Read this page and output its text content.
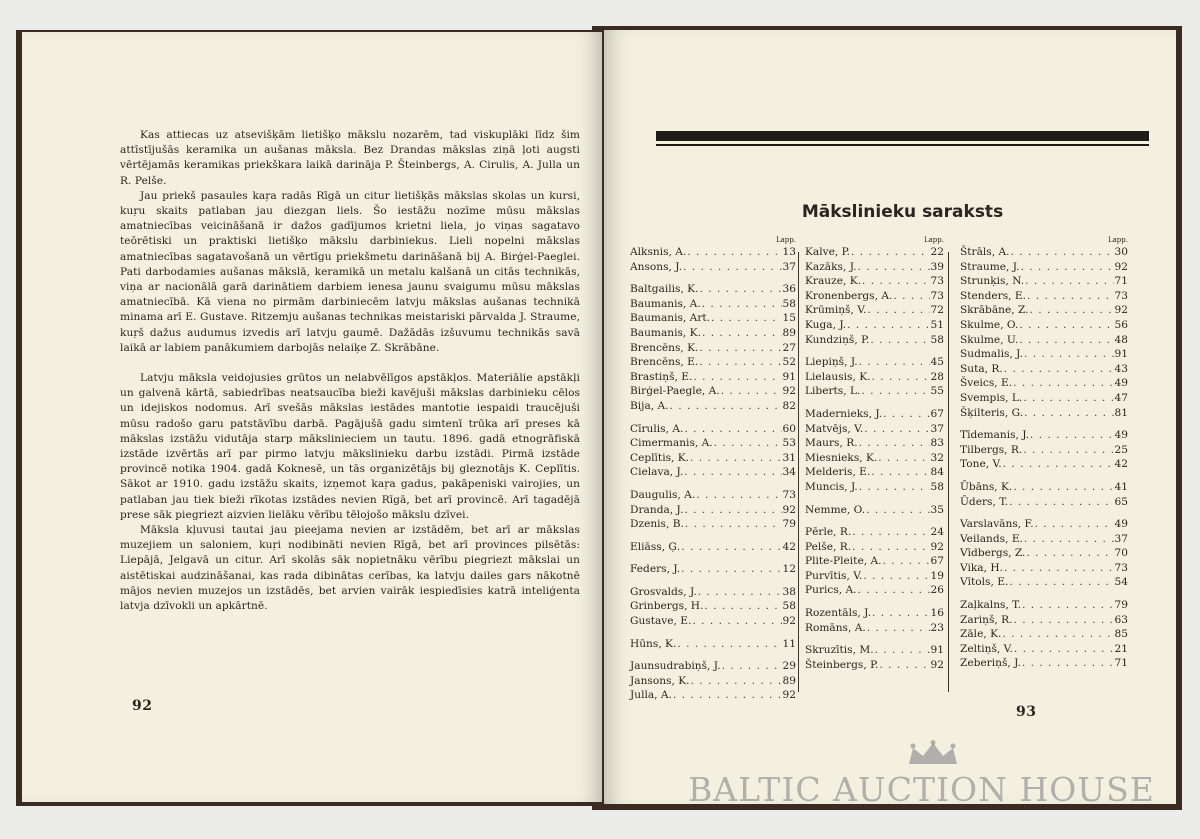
Kas attiecas uz atsevišķām lietišķo mākslu nozarēm, tad viskuplāki līdz šim attīstījušās keramika un aušanas māksla. Bez Drandas mākslas ziņā ļoti augsti vērtējamās keramikas priekškara laikā darināja P. Šteinbergs, A. Cirulis, A. Julla un R. Pelše.

Jau priekš pasaules kaŗa radās Rīgā un citur lietišķās mākslas skolas un kursi, kuŗu skaits patlaban jau diezgan liels. Šo iestāžu nozīme mūsu mākslas amatniecības veicināšanā ir dažos gadījumos krietni liela, jo viņas sagatavo teōrētiski un praktiski lietišķo mākslu darbiniekus. Lieli nopelni mākslas amatniecības sagatavošanā un vērtīgu priekšmetu darināšanā bij A. Birģel-Paeglei. Pati darbodamies aušanas mākslā, keramikā un metalu kalšanā un citās technikās, viņa ar nacionālā garā darinātiem darbiem ienesa jaunu svaigumu mūsu mākslas amatniecībā. Kā viena no pirmām darbiniecēm latvju mākslas aušanas technikā minama arī E. Gustave. Ritzemju aušanas technikas meistariski pārvalda J. Straume, kuŗš dažus audumus izvedis arī latvju gaumē. Dažādās izšuvumu technikās savā laikā ar labiem panākumiem darbojās nelaiķe Z. Skrābāne.

Latvju māksla veidojusies grūtos un nelabvēlīgos apstākļos. Materiālie apstākļi un galvenā kārtā, sabiedrības neatsaucība bieži kavējuši mākslas darbinieku cēlos un idejiskos nodomus. Arī svešās mākslas iestādes mantotie iespaidi traucējuši mūsu radošo garu patstāvību darbā. Pagājušā gadu simtenī trūka arī preses kā mākslas izstāžu vidutāja starp mākslinieciem un tautu. 1896. gadā etnogrāfiskā izstāde izvērtās arī par pirmo latvju mākslinieku darbu izstādi. Pirmā izstāde provincē notika 1904. gadā Koknesē, un tās organizētājs bij gleznotājs K. Ceplītis. Sākot ar 1910. gadu izstāžu skaits, izņemot kaŗa gadus, pakāpeniski vairojies, un patlaban jau tiek bieži rīkotas izstādes nevien Rīgā, bet arī provincē. Arī tagadējā prese sāk piegriezt aizvien lielāku vērību tēlojošo mākslu dzīvei.

Māksla kļuvusi tautai jau pieejama nevien ar izstādēm, bet arī ar mākslas muzejiem un saloniem, kuŗi nodibināti nevien Rīgā, bet arī provinces pilsētās: Liepājā, Jelgavā un citur. Arī skolās sāk nopietnāku vērību piegriezt mākslai un aistētiskai audzināšanai, kas rada dibinātas cerības, ka latvju dailes gars nākotnē mājos nevien muzejos un izstādēs, bet arvien vairāk iespiedīsies katrā inteliģenta latvja dzīvokli un apkārtnē.

92
Mākslinieku saraksts
Lapp.
Alksnis, A. . . .	13
Ansons, J. . . .	37
Baltgailis, K. . . .	36
Baumanis, A. . . .	58
Baumanis, Art. . . .	15
Baumanis, K. . . .	89
Brencēns, K. . . .	27
Brencēns, E. . . .	52
Brastiņš, E. . . .	91
Birģel-Paegle, A. . . .	92
Bija, A. . . .	82
Cīrulis, A. . . .	60
Cimermanis, A. . . .	53
Ceplītis, K. . . .	31
Cielava, J. . . .	34
Daugulis, A. . . .	73
Dranda, J. . . .	92
Dzenis, B. . . .	79
Eliāss, Ģ. . . .	42
Feders, J. . . .	12
Grosvalds, J. . . .	38
Grinbergs, H. . . .	58
Gustave, E. . . .	92
Hūns, K. . . .	11
Jaunsudrabiņš, J. . . .	29
Jansons, K. . . .	89
Julla, A. . . .	92
Lapp.
Kalve, P. . . .	22
Kazāks, J. . . .	39
Krauze, K. . . .	73
Kronenbergs, A. . . .	73
Krūmiņš, V. . . .	72
Kuga, J. . . .	51
Kundziņš, P. . . .	58
Liepiņš, J. . . .	45
Lielausis, K. . . .	28
Liberts, L. . . .	55
Madernieks, J. . . .	67
Matvējs, V. . . .	37
Maurs, R. . . .	83
Miesnieks, K. . . .	32
Melderis, E. . . .	84
Muncis, J. . . .	58
Nemme, O. . . .	35
Pērle, R. . . .	24
Pelše, R. . . .	92
Plite-Pleite, A. . . .	67
Purvītis, V. . . .	19
Purics, A. . . .	26
Rozentāls, J. . . .	16
Romāns, A. . . .	23
Skruzītis, M. . . .	91
Šteinbergs, P. . . .	92
Lapp.
Štrāls, A. . . .	30
Straume, J. . . .	92
Strunķis, N. . . .	71
Stenders, E. . . .	73
Skrābāne, Z. . . .	92
Skulme, O. . . .	56
Skulme, U. . . .	48
Sudmalis, J. . . .	91
Suta, R. . . .	43
Šveics, E. . . .	49
Svempis, L. . . .	47
Šķilteris, G. . . .	81
Tīdemanis, J. . . .	49
Tilbergs, R. . . .	25
Tone, V. . . .	42
Ūbāns, K. . . .	41
Ūders, T. . . .	65
Varslavāns, F. . . .	49
Veilands, E. . . .	37
Vīdbergs, Z. . . .	70
Vika, H. . . .	73
Vītols, E. . . .	54
Zaļkalns, T. . . .	79
Zariņš, R. . . .	63
Zāle, K. . . .	85
Zeltiņš, V. . . .	21
Zeberiņš, J. . . .	71
93
BALTIC AUCTION HOUSE
